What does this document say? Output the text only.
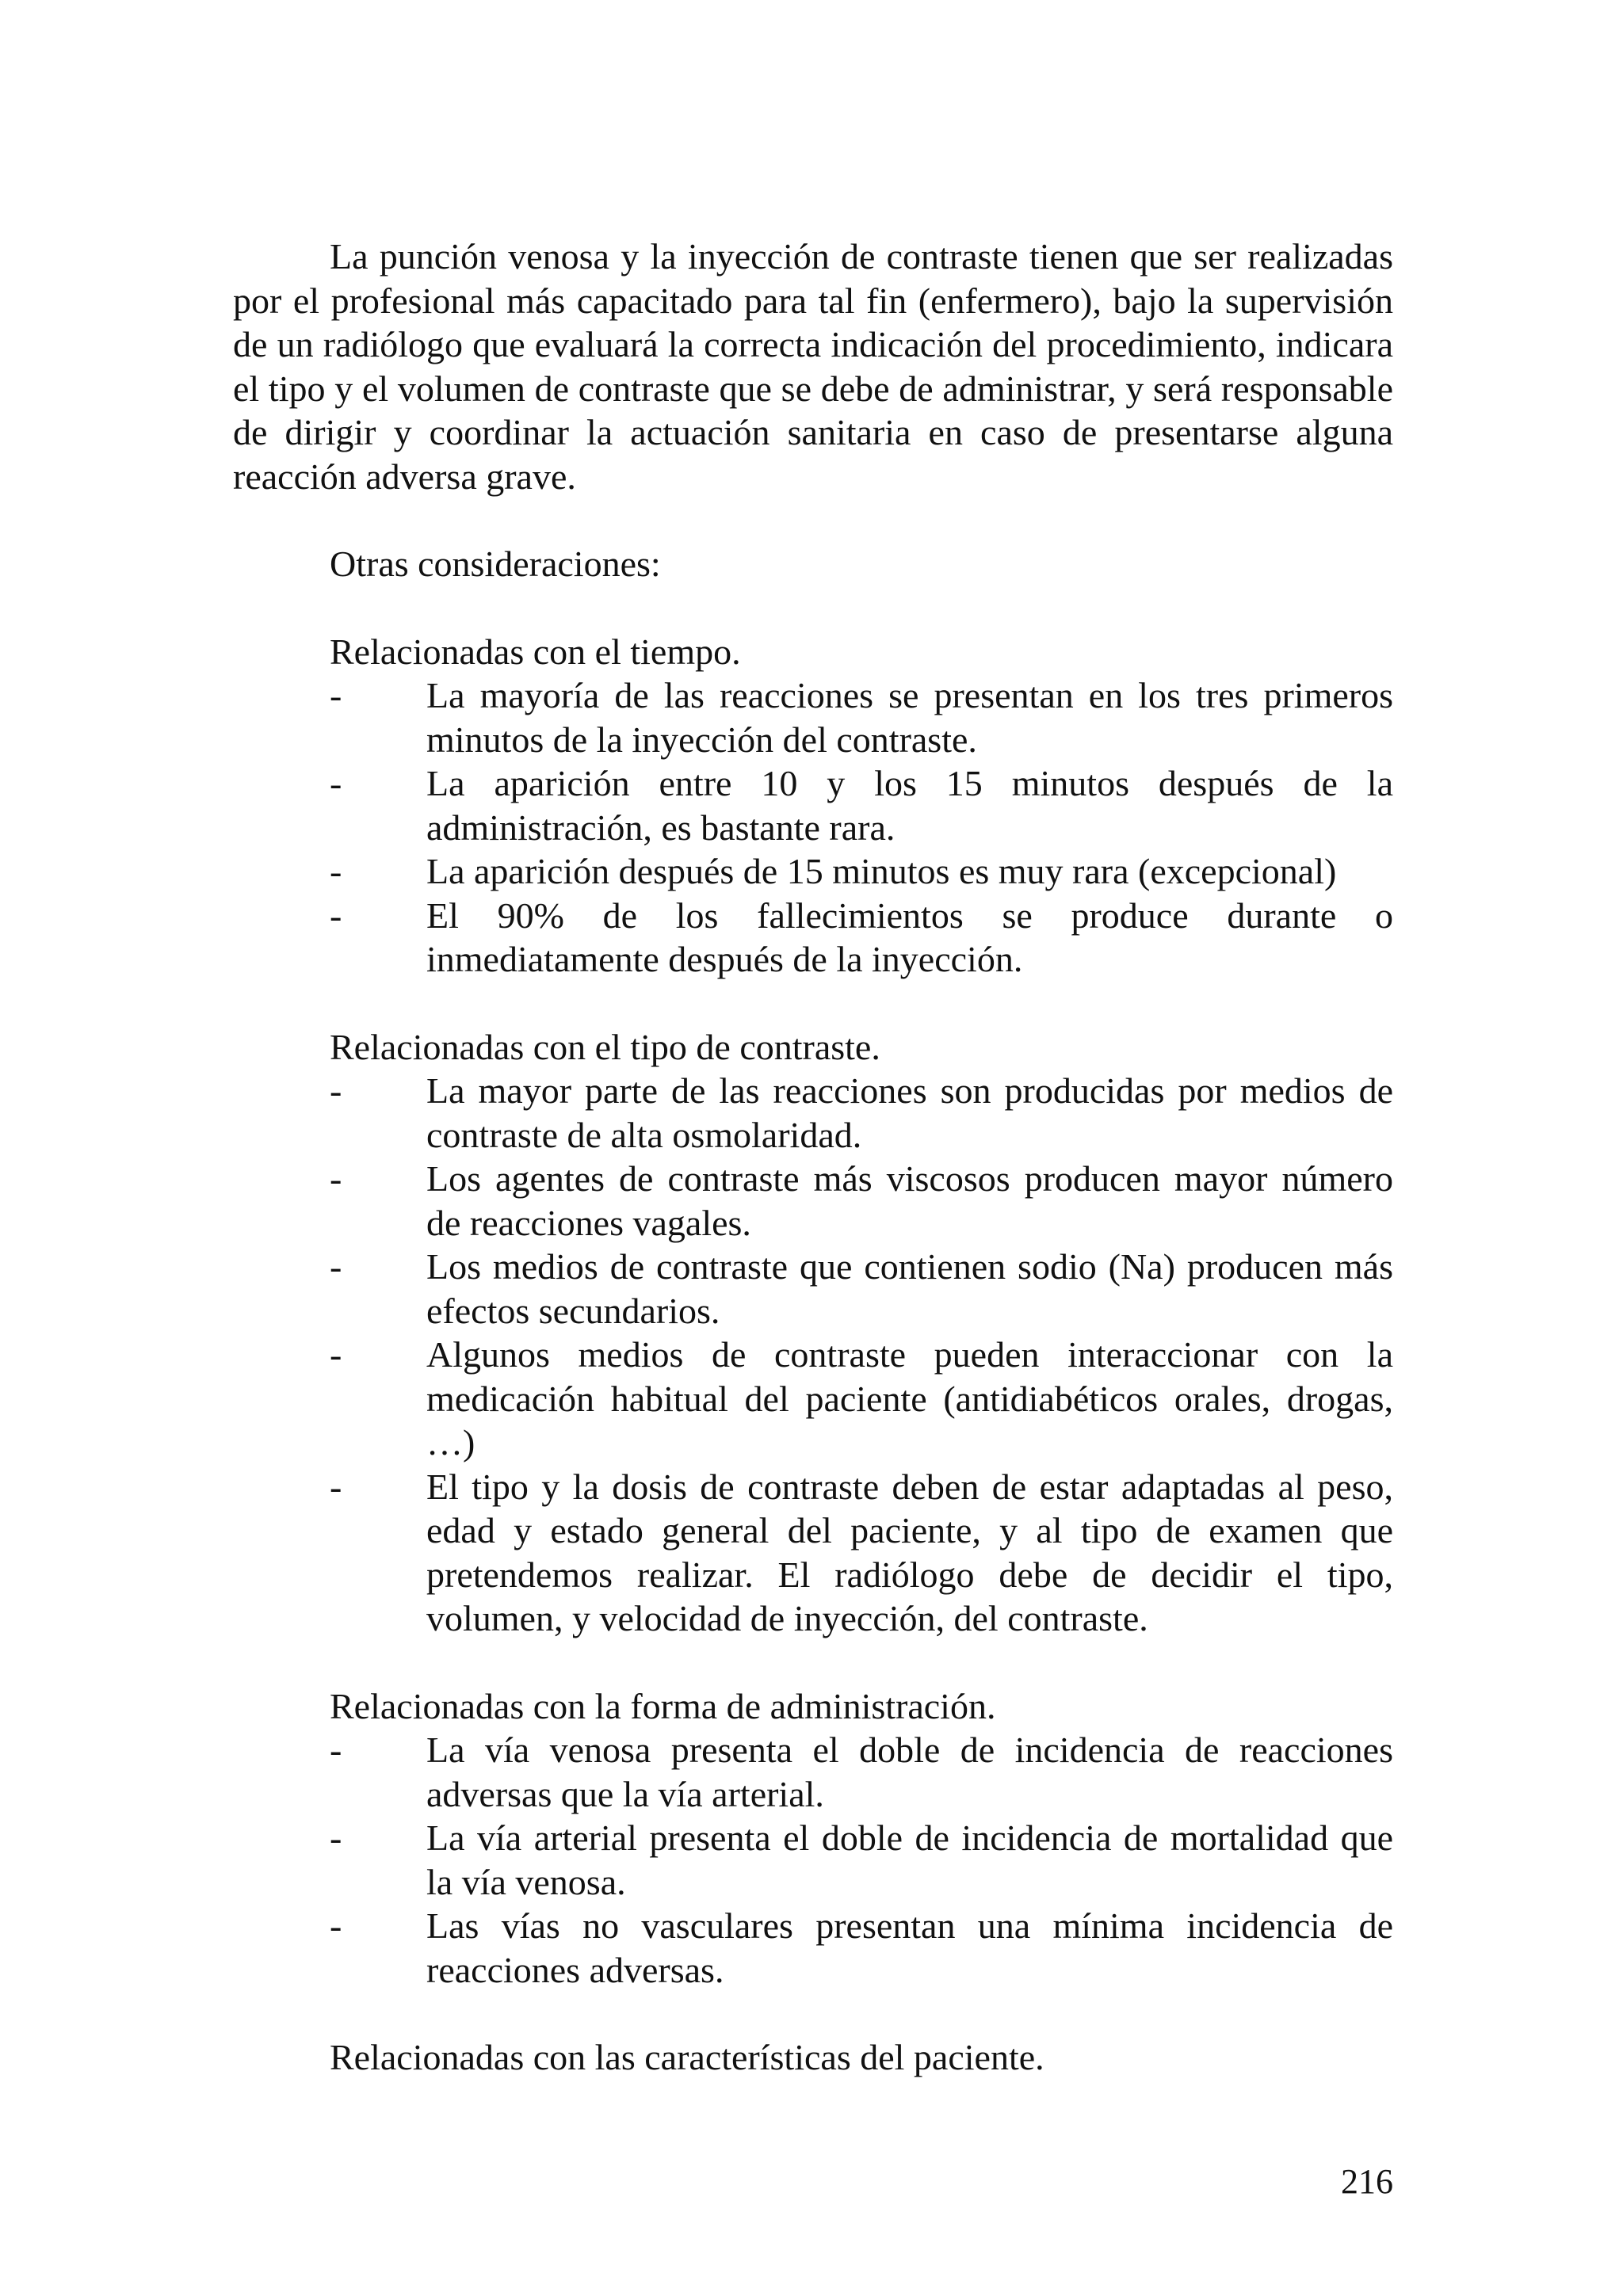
La punción venosa y la inyección de contraste tienen que ser realizadas por el profesional más capacitado para tal fin (enfermero), bajo la supervisión de un radiólogo que evaluará la correcta indicación del procedimiento, indicara el tipo y el volumen de contraste que se debe de administrar, y será responsable de dirigir y coordinar la actuación sanitaria en caso de presentarse alguna reacción adversa grave.

Otras consideraciones:

Relacionadas con el tiempo.

- La mayoría de las reacciones se presentan en los tres primeros minutos de la inyección del contraste.
- La aparición entre 10 y los 15 minutos después de la administración, es bastante rara.
- La aparición después de 15 minutos es muy rara (excepcional)
- El 90% de los fallecimientos se produce durante o inmediatamente después de la inyección.

Relacionadas con el tipo de contraste.

- La mayor parte de las reacciones son producidas por medios de contraste de alta osmolaridad.
- Los agentes de contraste más viscosos producen mayor número de reacciones vagales.
- Los medios de contraste que contienen sodio (Na) producen más efectos secundarios.
- Algunos medios de contraste pueden interaccionar con la medicación habitual del paciente (antidiabéticos orales, drogas, …)
- El tipo y la dosis de contraste deben de estar adaptadas al peso, edad y estado general del paciente, y al tipo de examen que pretendemos realizar. El radiólogo debe de decidir el tipo, volumen, y velocidad de inyección, del contraste.

Relacionadas con la forma de administración.

- La vía venosa presenta el doble de incidencia de reacciones adversas que la vía arterial.
- La vía arterial presenta el doble de incidencia de mortalidad que la vía venosa.
- Las vías no vasculares presentan una mínima incidencia de reacciones adversas.

Relacionadas con las características del paciente.

216
